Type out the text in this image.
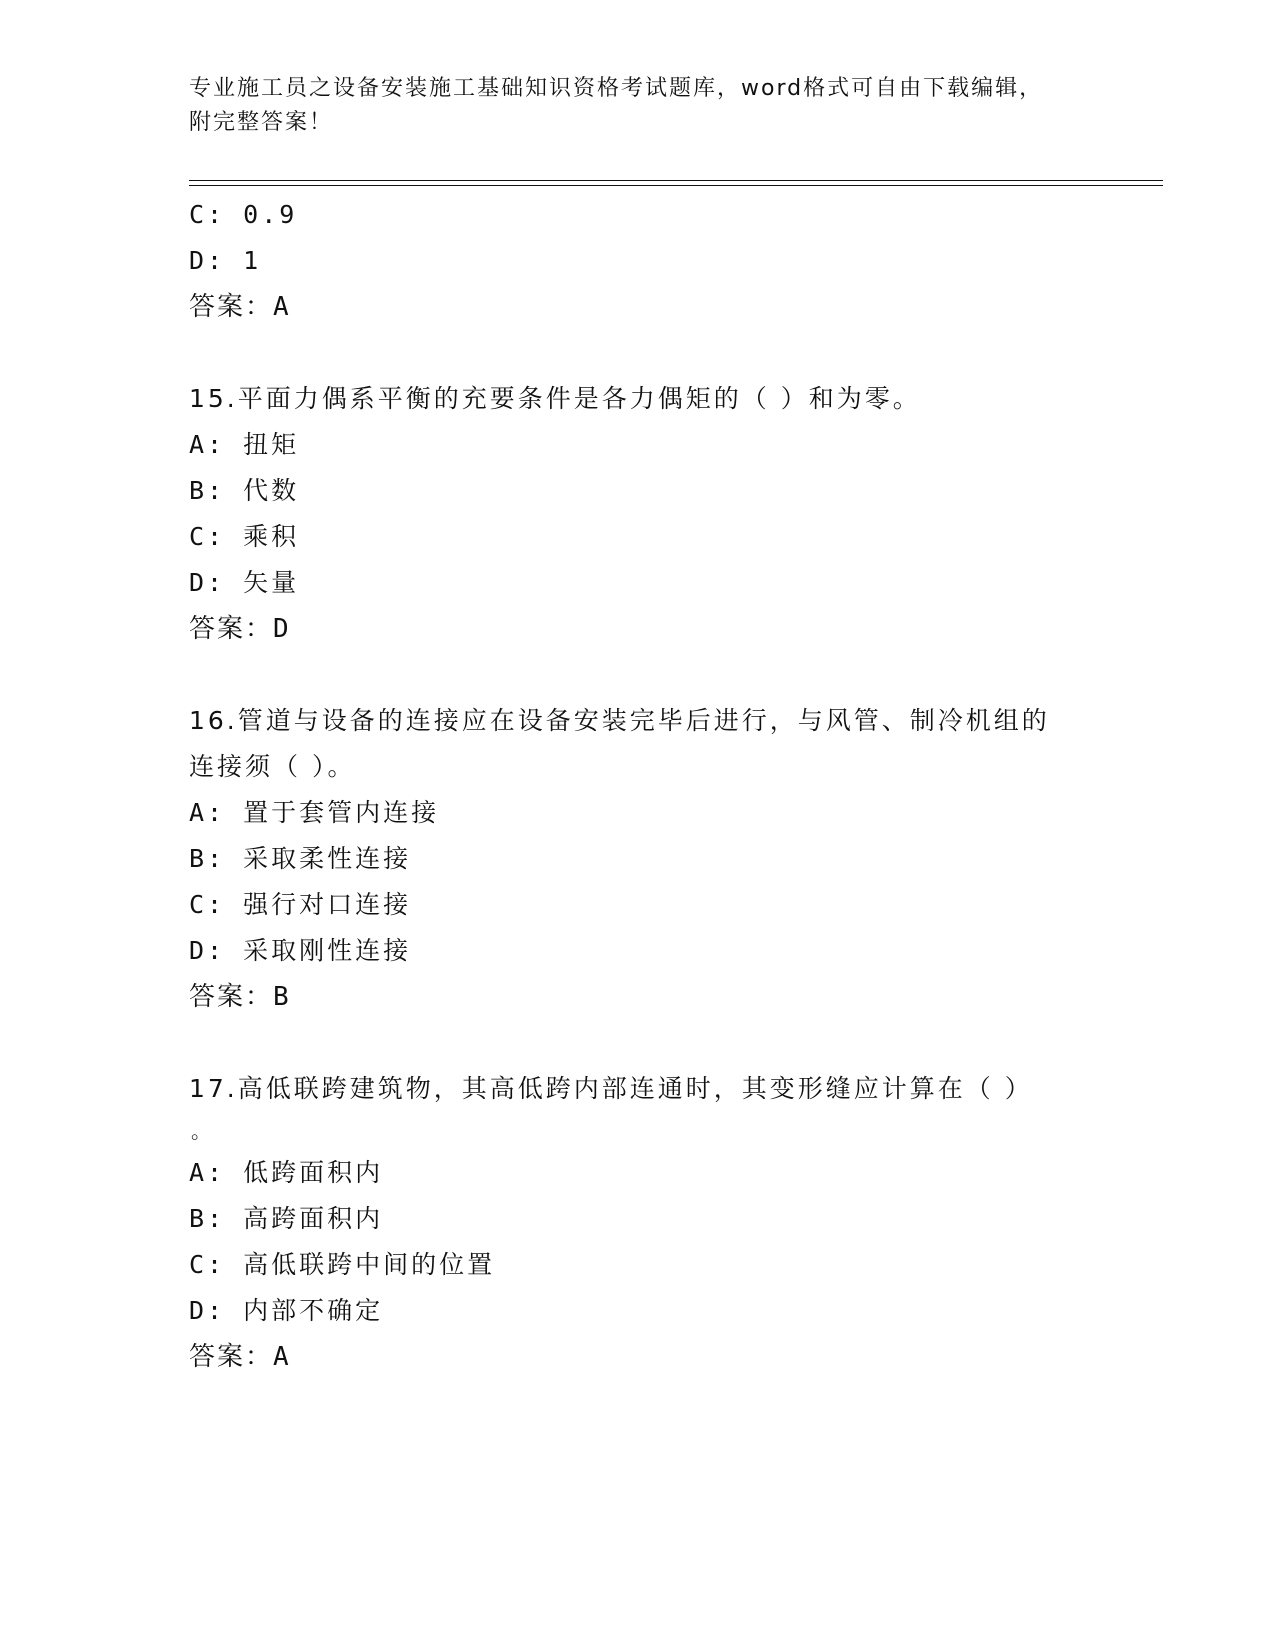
专业施工员之设备安装施工基础知识资格考试题库，word格式可自由下载编辑，
附完整答案！
C: 0.9
D: 1
答案：A
15.平面力偶系平衡的充要条件是各力偶矩的（ ）和为零。
A: 扭矩
B: 代数
C: 乘积
D: 矢量
答案：D
16.管道与设备的连接应在设备安装完毕后进行，与风管、制冷机组的
连接须（ ）。
A: 置于套管内连接
B: 采取柔性连接
C: 强行对口连接
D: 采取刚性连接
答案：B
17.高低联跨建筑物，其高低跨内部连通时，其变形缝应计算在（ ）
。
A: 低跨面积内
B: 高跨面积内
C: 高低联跨中间的位置
D: 内部不确定
答案：A
